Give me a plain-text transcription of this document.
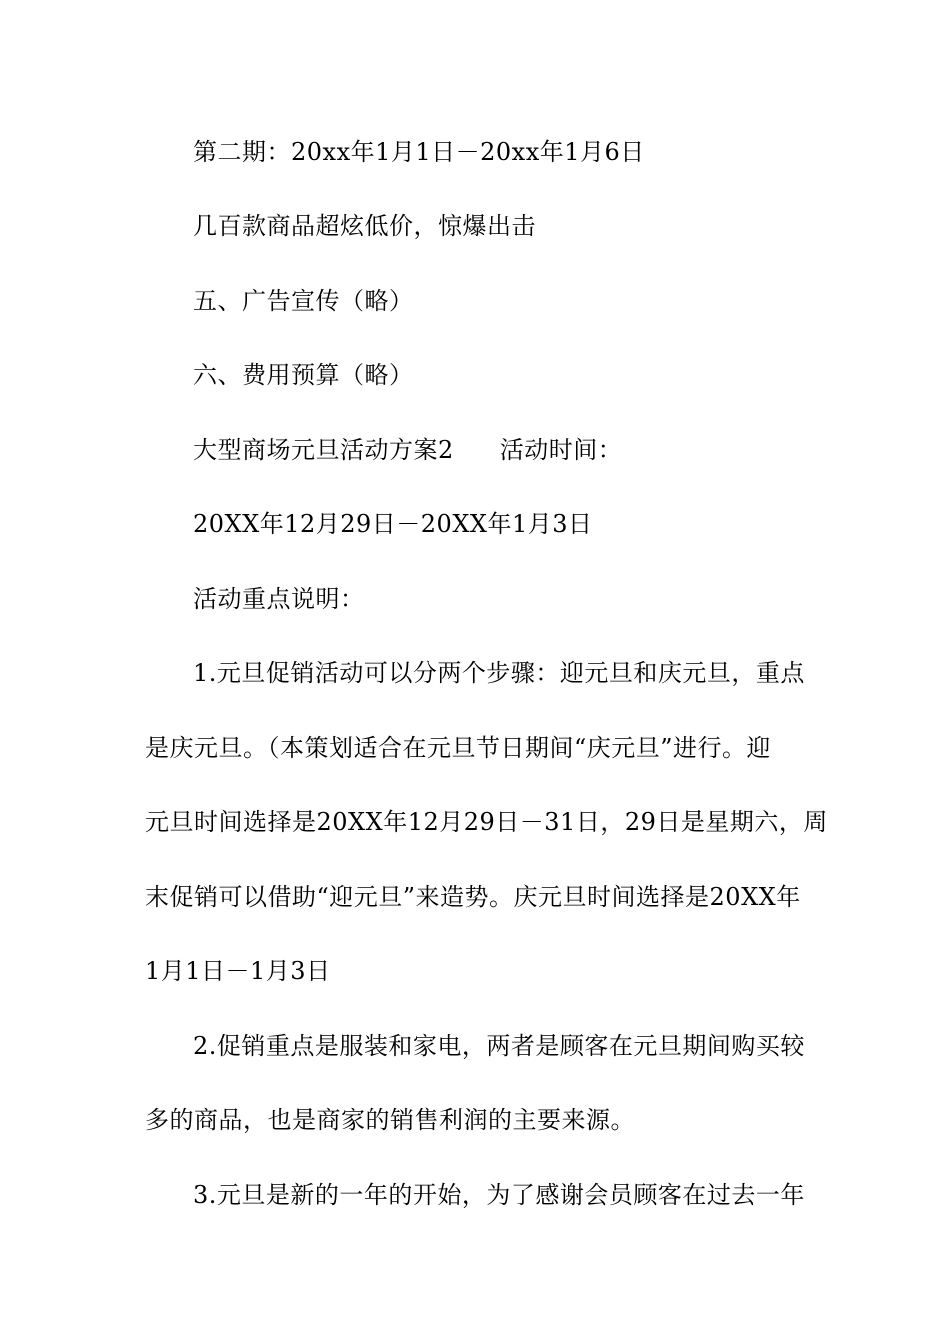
第二期：20xx年1月1日－20xx年1月6日
几百款商品超炫低价，惊爆出击
五、广告宣传（略）
六、费用预算（略）
大型商场元旦活动方案2 活动时间：
20XX年12月29日－20XX年1月3日
活动重点说明：
1.元旦促销活动可以分两个步骤：迎元旦和庆元旦，重点
是庆元旦。（本策划适合在元旦节日期间“庆元旦”进行。迎
元旦时间选择是20XX年12月29日－31日，29日是星期六，周
末促销可以借助“迎元旦”来造势。庆元旦时间选择是20XX年
1月1日－1月3日
2.促销重点是服装和家电，两者是顾客在元旦期间购买较
多的商品，也是商家的销售利润的主要来源。
3.元旦是新的一年的开始，为了感谢会员顾客在过去一年
